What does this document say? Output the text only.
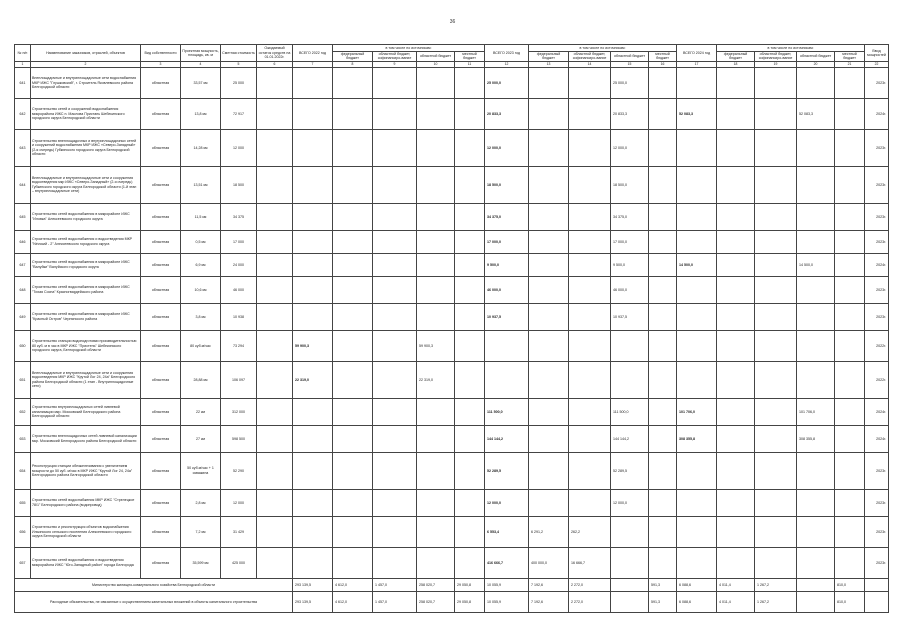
36
№ п/п	Наименование заказчиков, отраслей, объектов	Вид собственности	Проектная мощность, площадь, кв. м	Сметная стоимость	Ожидаемый остаток средств на 01.01.2022г.	ВСЕГО 2022 год	в том числе по источникам:				ВСЕГО 2023 год	в том числе по источникам:				ВСЕГО 2024 год	в том числе по источникам:				Ввод мощностей
							федеральный бюджет	областной бюджет, софинансиро-вание	областной бюджет	местный бюджет		федеральный бюджет	областной бюджет, софинансиро-вание	областной бюджет	местный бюджет		федеральный бюджет	областной бюджет, софинансиро-вание	областной бюджет	местный бюджет	
1	2	3	4	5	6	7	8	9	10	11	12	13	14	15	16	17	18	19	20	21	22
641	Внеплощадочные и внутриплощадочные сети водоснабжения МКР ИЖС "Глушковский", г. Строитель Яковлевского района Белгородской области	областная	33,57 км	25 000							25 000,0			25 000,0							2023г.
642	Строительство сетей и сооружений водоснабжения микрорайона ИЖС п. Маслова Пристань Шебекинского городского округа Белгородской области	областная	13,8 км	72 917							20 833,3			20 833,3		52 083,3			52 083,3		2024г.
643	Строительство внеплощадочных и внутриплощадочных сетей и сооружений водоснабжения МКР ИЖС «Северо-Западный» (2-я очередь) Губкинского городского округа Белгородской области	областная	14,28 км	12 000							12 000,0			12 000,0							2023г.
644	Внеплощадочные и внутриплощадочные сети и сооружения водоотведения мкр ИЖС «Северо-Западный» (2-я очередь) Губкинского городского округа Белгородской области (1-й этап – внутриплощадочные сети)	областная	13,51 км	18 500							18 500,0			18 500,0							2023г.
645	Строительство сетей водоснабжения в микрорайоне ИЖС "Иловка" Алексеевского городского округа	областная	11,5 км	34 375							34 375,0			34 375,0							2023г.
646	Строительство сетей водоснабжения и водоотведения МКР "Névский - 2" Алексеевского городского округа	областная	0,5 км	17 000							17 000,0			17 000,0							2023г.
647	Строительство сетей водоснабжения в микрорайоне ИЖС "Валуйки" Валуйского городского округа	областная	6,9 км	24 000							9 500,0			9 500,0		14 500,0			14 500,0		2024г.
648	Строительство сетей водоснабжения в микрорайоне ИЖС "Тихая Сосна" Красногвардейского района	областная	10,6 км	46 000							46 000,0			46 000,0							2023г.
649	Строительство сетей водоснабжения в микрорайоне ИЖС "Красный Остров" Чернянского района	областная	3,8 км	10 938							10 937,5			10 937,5							2023г.
650	Строительство станции водоподготовки производительностью 80 куб. м в час в МКР ИЖС "Пристень" Шебекинского городского округа, Белгородской области	областная	80 куб.м/час	73 294		59 900,3			59 900,3												2022г.
651	Внеплощадочные и внутриплощадочные сети и сооружения водоотведения МКР ИЖС "Крутой Лог 24, 24а" Белгородского района Белгородской области (1 этап - Внутриплощадочные сети)	областная	28,88 км	106 097		22 319,0			22 319,0												2022г.
652	Строительство внутриплощадочных сетей ливневой канализации мкр. Московский Белгородского района Белгородской области	областная	22 км	312 000							111 500,0			111 500,0		101 706,0			101 706,0		2024г.
653	Строительство внеплощадочных сетей ливневой канализации мкр. Московский Белгородского района Белгородской области	областная	27 км	598 500							144 144,2			144 144,2		308 355,8			308 355,8		2024г.
654	Реконструкция станции обезжелезивания с увеличением мощности до 50 куб. м/час в МКР ИЖС "Крутой Лог 24, 24а" Белгородского района Белгородской области	областная	50 куб.м/час + 1 скважина	52 290							52 289,5			52 289,5							2023г.
655	Строительство сетей водоснабжения МКР ИЖС "Стрелецкое 78/1" Белгородского района (водопровод)	областная	2,8 км	12 000							12 000,0			12 000,0							2023г.
656	Строительство и реконструкция объектов водоснабжения Ильинского сельского поселения Алексеевского городского округа Белгородской области	областная	7,2 км	31 429							6 553,4	6 291,2	262,2								2023г.
657	Строительство сетей водоснабжения и водоотведения микрорайона ИЖС "Юго-Западный район" города Белгорода	областная	35,599 км	425 000							416 666,7	400 000,0	16 666,7								2023г.
Министерство жилищно-коммунального хозяйства Белгородской области						293 139,5	4 612,0	1 457,0	258 020,7	29 050,8	10 055,9	7 192,6	2 272,0		591,3	6 088,6	4 011,4	1 267,2		810,0	
Расходные обязательства, не связанные с осуществлением капитальных вложений в объекты капитального строительства						293 139,5	4 612,0	1 457,0	258 020,7	29 050,8	10 055,9	7 192,6	2 272,0		591,3	6 088,6	4 011,4	1 267,2		810,0	
